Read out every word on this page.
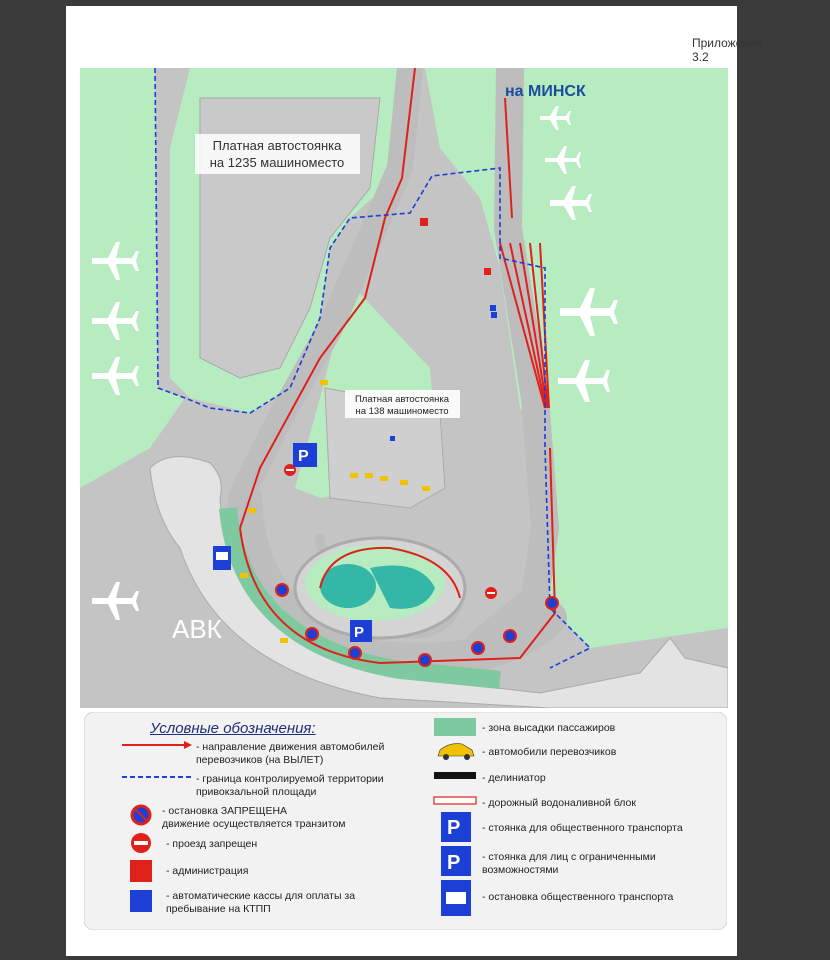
Приложение 3.2
P
P
Платная автостоянка
на 1235 машиноместо
Платная автостоянка
на 138 машиноместо
на МИНСК
АВК
P
P
Условные обозначения:
- направление движения автомобилей
перевозчиков (на ВЫЛЕТ)
- граница контролируемой территории
привокзальной площади
- остановка ЗАПРЕЩЕНА
движение осуществляется транзитом
- проезд запрещен
- администрация
- автоматические кассы для оплаты за
пребывание на КТПП
- зона высадки пассажиров
- автомобили перевозчиков
- делиниатор
- дорожный водоналивной блок
- стоянка для общественного транспорта
- стоянка для лиц с ограниченными
возможностями
- остановка общественного транспорта
